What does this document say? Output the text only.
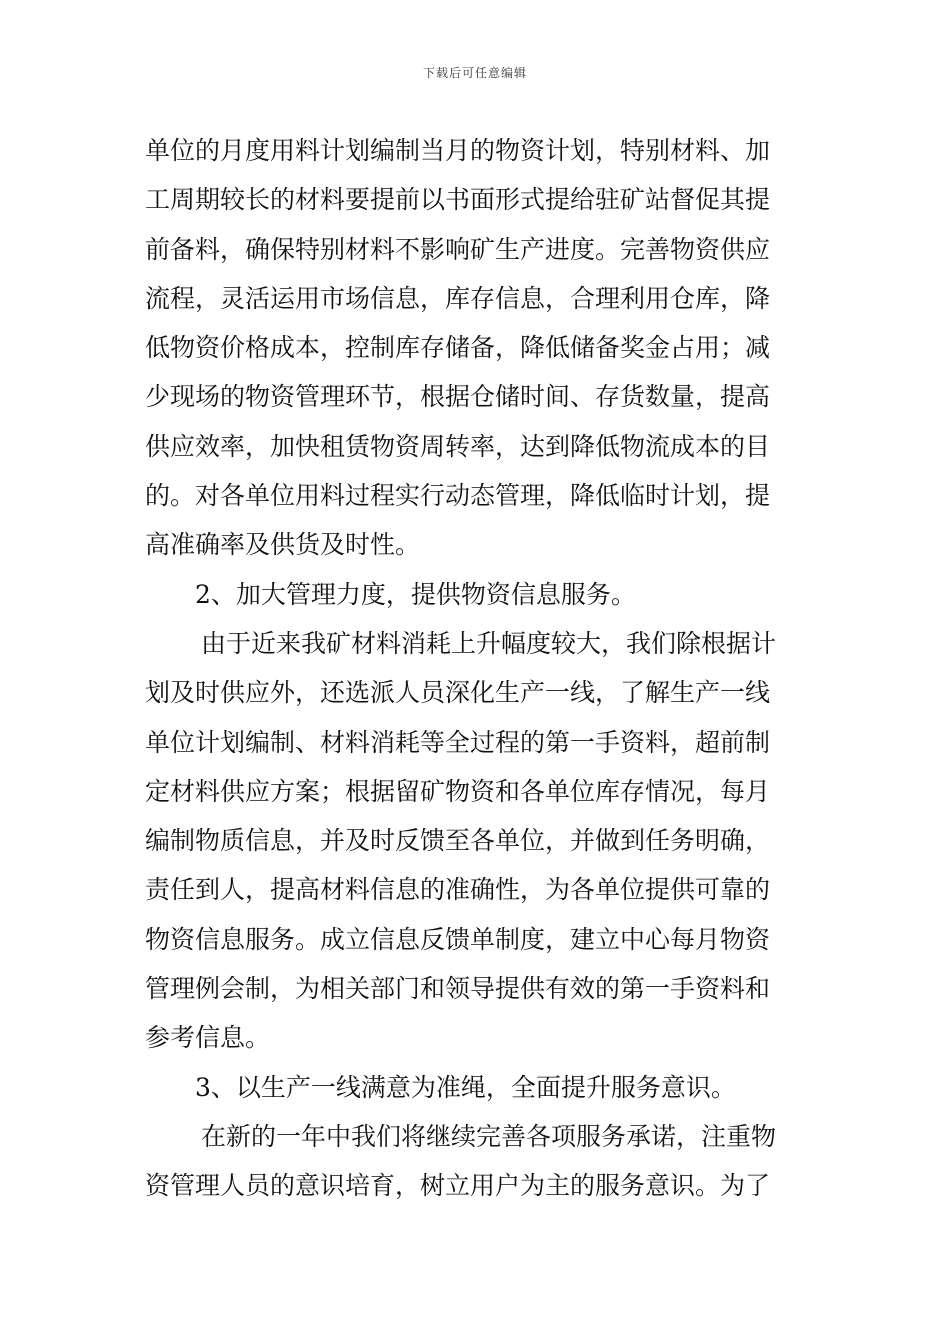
下载后可任意编辑
单位的月度用料计划编制当月的物资计划，特别材料、加
工周期较长的材料要提前以书面形式提给驻矿站督促其提
前备料，确保特别材料不影响矿生产进度。完善物资供应
流程，灵活运用市场信息，库存信息，合理利用仓库，降
低物资价格成本，控制库存储备，降低储备奖金占用；减
少现场的物资管理环节，根据仓储时间、存货数量，提高
供应效率，加快租赁物资周转率，达到降低物流成本的目
的。对各单位用料过程实行动态管理，降低临时计划，提
高准确率及供货及时性。
2、加大管理力度，提供物资信息服务。
由于近来我矿材料消耗上升幅度较大，我们除根据计
划及时供应外，还选派人员深化生产一线，了解生产一线
单位计划编制、材料消耗等全过程的第一手资料，超前制
定材料供应方案；根据留矿物资和各单位库存情况，每月
编制物质信息，并及时反馈至各单位，并做到任务明确，
责任到人，提高材料信息的准确性，为各单位提供可靠的
物资信息服务。成立信息反馈单制度，建立中心每月物资
管理例会制，为相关部门和领导提供有效的第一手资料和
参考信息。
3、以生产一线满意为准绳，全面提升服务意识。
在新的一年中我们将继续完善各项服务承诺，注重物
资管理人员的意识培育，树立用户为主的服务意识。为了
